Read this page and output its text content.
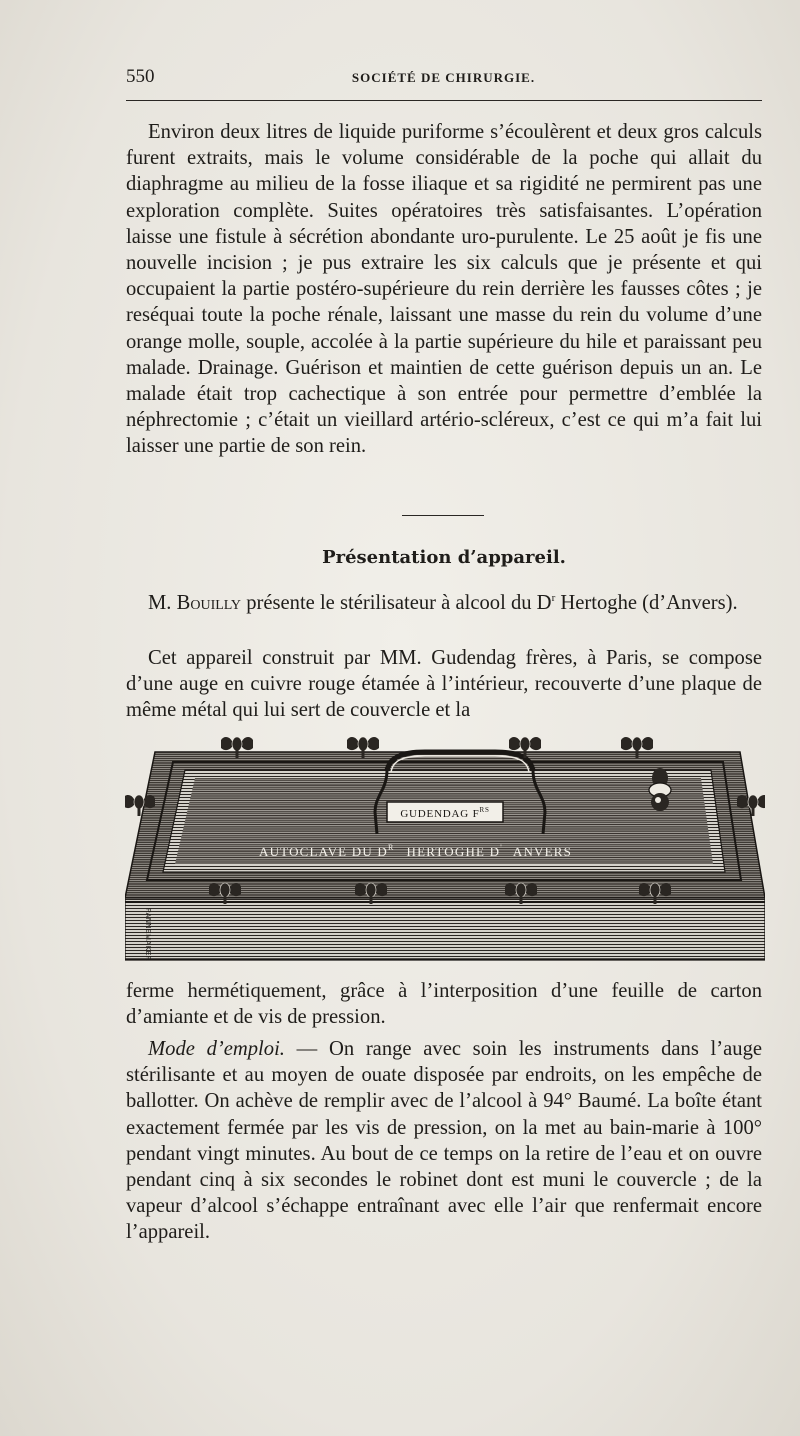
550	SOCIÉTÉ DE CHIRURGIE.

Environ deux litres de liquide puriforme s’écoulèrent et deux gros calculs furent extraits, mais le volume considérable de la poche qui allait du diaphragme au milieu de la fosse iliaque et sa rigidité ne permirent pas une exploration complète. Suites opératoires très satisfaisantes. L’opération laisse une fistule à sécrétion abondante uro-purulente. Le 25 août je fis une nouvelle incision ; je pus extraire les six calculs que je présente et qui occupaient la partie postéro-supérieure du rein derrière les fausses côtes ; je reséquai toute la poche rénale, laissant une masse du rein du volume d’une orange molle, souple, accolée à la partie supérieure du hile et paraissant peu malade. Drainage. Guérison et maintien de cette guérison depuis un an. Le malade était trop cachectique à son entrée pour permettre d’emblée la néphrectomie ; c’était un vieillard artério-scléreux, c’est ce qui m’a fait lui laisser une partie de son rein.

Présentation d’appareil.

M. Bouilly présente le stérilisateur à alcool du $D^r$ Hertoghe (d’Anvers).

Cet appareil construit par MM. Gudendag frères, à Paris, se compose d’une auge en cuivre rouge étamée à l’intérieur, recouverte d’une plaque de même métal qui lui sert de couvercle et la

GUDENDAG $F^{RS}$
AUTOCLAVE DU $D^R$ HERTOGHE D' ANVERS
PANNEMAKER

ferme hermétiquement, grâce à l’interposition d’une feuille de carton d’amiante et de vis de pression.

Mode d’emploi. — On range avec soin les instruments dans l’auge stérilisante et au moyen de ouate disposée par endroits, on les empêche de ballotter. On achève de remplir avec de l’alcool à 94° Baumé. La boîte étant exactement fermée par les vis de pression, on la met au bain-marie à 100° pendant vingt minutes. Au bout de ce temps on la retire de l’eau et on ouvre pendant cinq à six secondes le robinet dont est muni le couvercle ; de la vapeur d’alcool s’échappe entraînant avec elle l’air que renfermait encore l’appareil.
